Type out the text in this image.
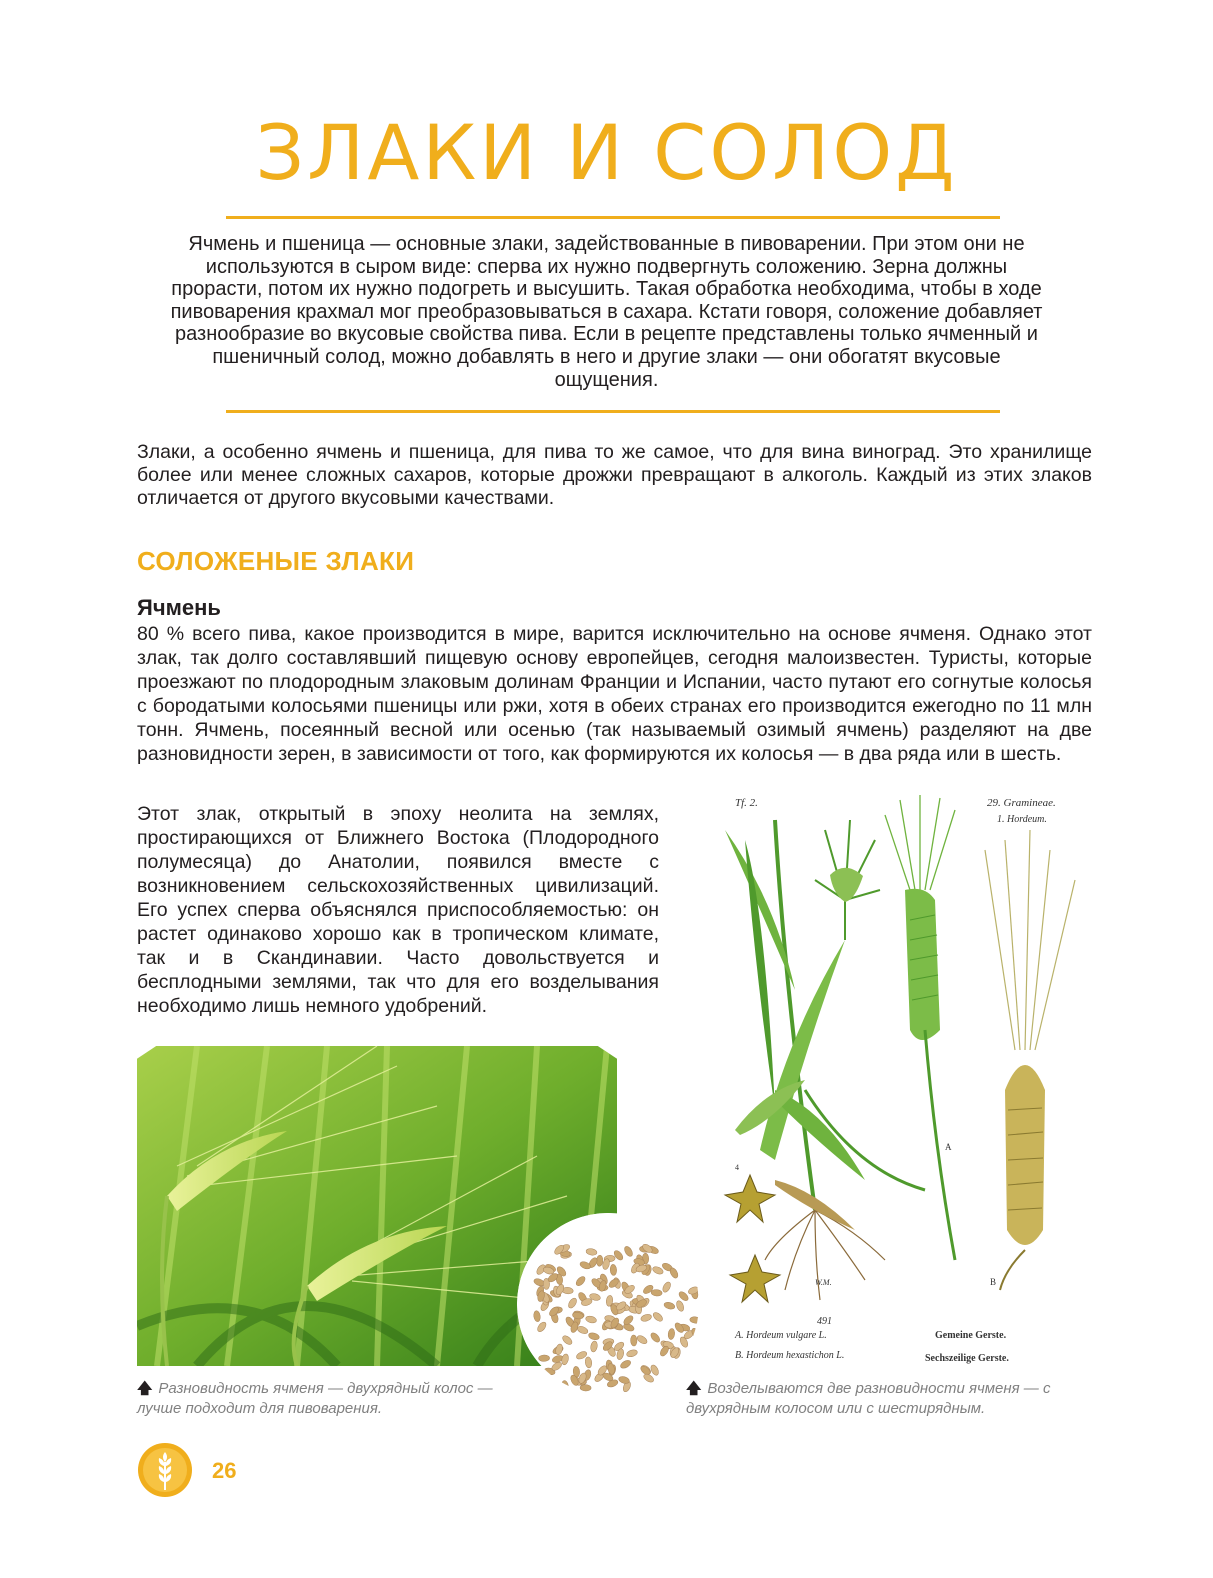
ЗЛАКИ И СОЛОД
Ячмень и пшеница — основные злаки, задействованные в пивоварении. При этом они не используются в сыром виде: сперва их нужно подвергнуть соложению. Зерна должны прорасти, потом их нужно подогреть и высушить. Такая обработка необходима, чтобы в ходе пивоварения крахмал мог преобразовываться в сахара. Кстати говоря, соложение добавляет разнообразие во вкусовые свойства пива. Если в рецепте представлены только ячменный и пшеничный солод, можно добавлять в него и другие злаки — они обогатят вкусовые ощущения.
Злаки, а особенно ячмень и пшеница, для пива то же самое, что для вина виноград. Это хранилище более или менее сложных сахаров, которые дрожжи превращают в алкоголь. Каждый из этих злаков отличается от другого вкусовыми качествами.
СОЛОЖЕНЫЕ ЗЛАКИ
Ячмень
80 % всего пива, какое производится в мире, варится исключительно на основе ячменя. Однако этот злак, так долго составлявший пищевую основу европейцев, сегодня малоизвестен. Туристы, которые проезжают по плодородным злаковым долинам Франции и Испании, часто путают его согнутые колосья с бородатыми колосьями пшеницы или ржи, хотя в обеих странах его производится ежегодно по 11 млн тонн. Ячмень, посеянный весной или осенью (так называемый озимый ячмень) разделяют на две разновидности зерен, в зависимости от того, как формируются их колосья — в два ряда или в шесть.
Этот злак, открытый в эпоху неолита на землях, простирающихся от Ближнего Востока (Плодородного полумесяца) до Анатолии, появился вместе с возникновением сельскохозяйственных цивилизаций. Его успех сперва объяснялся приспособляемостью: он растет одинаково хорошо как в тропическом климате, так и в Скандинавии. Часто довольствуется и бесплодными землями, так что для его возделывания необходимо лишь немного удобрений.
Tf. 2.	29. Gramineae.
1. Hordeum.
A
B
4
W.M.
491
A. Hordeum vulgare L.
B. Hordeum hexastichon L.
Gemeine Gerste.
Sechszeilige Gerste.
🡅 Разновидность ячменя — двухрядный колос — лучше подходит для пивоварения.
🡅 Возделываются две разновидности ячменя — с двухрядным колосом или с шестирядным.
26
